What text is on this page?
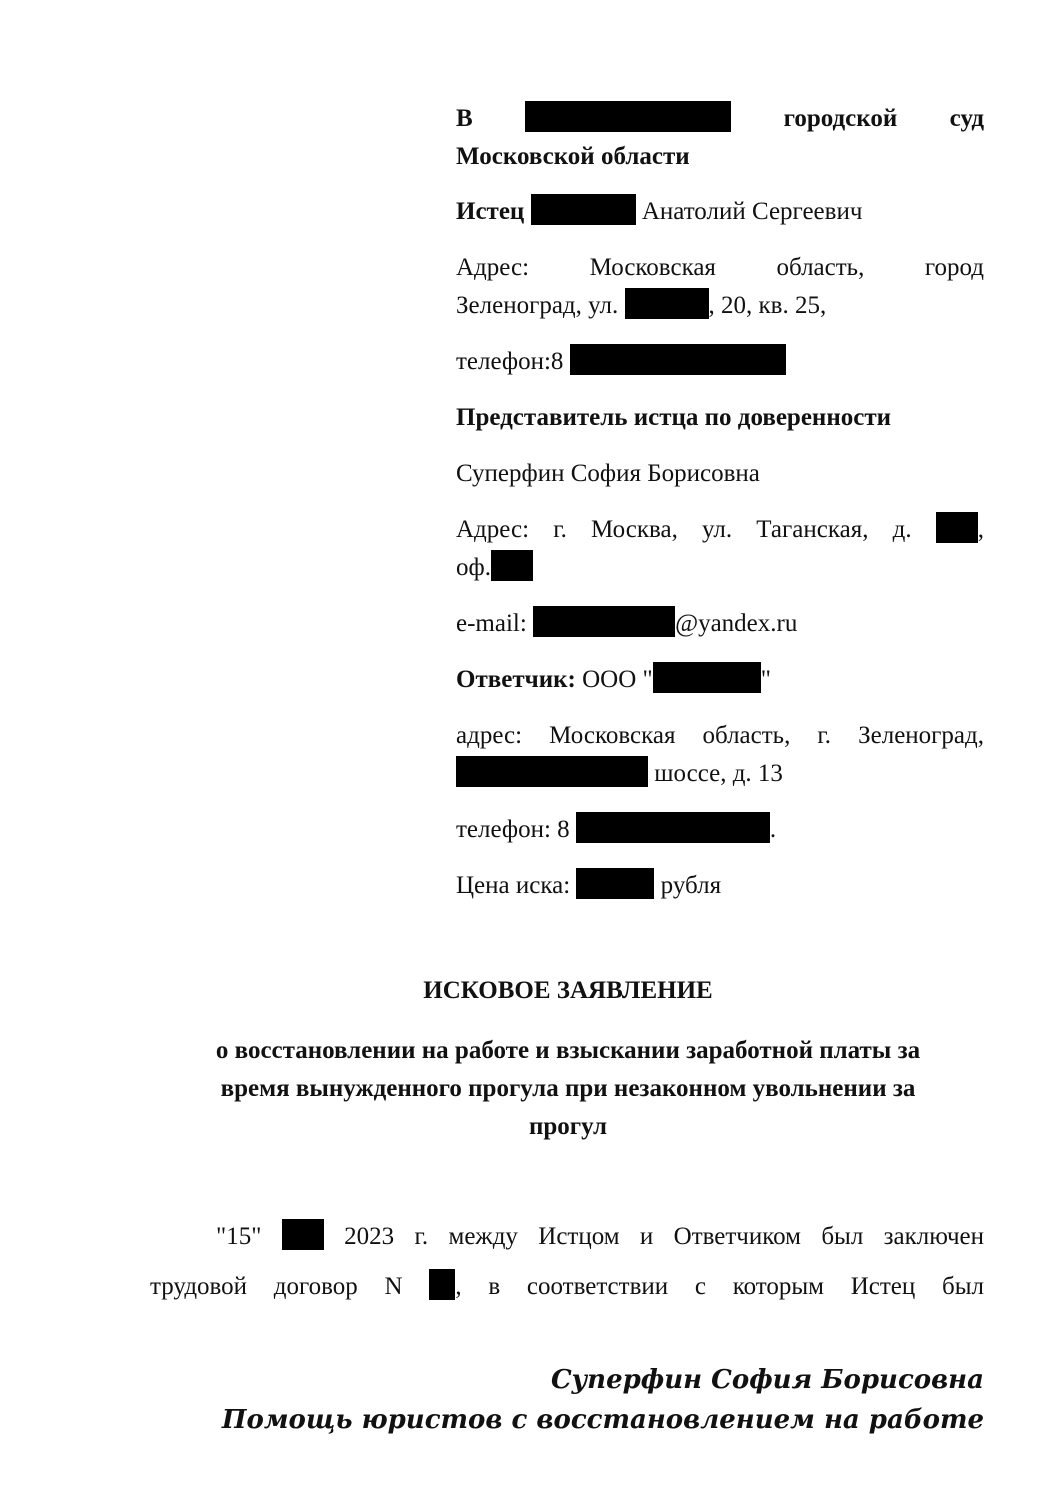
В	городской суд
Московской области

Истец	Анатолий Сергеевич

Адрес: Московская область, город
Зеленоград, ул.	, 20, кв. 25,

телефон:8

Представитель истца по доверенности

Суперфин София Борисовна

Адрес: г. Москва, ул. Таганская, д.	,
оф.

e-mail:	@yandex.ru

Ответчик: ООО "	"

адрес: Московская область, г. Зеленоград,
шоссе, д. 13

телефон: 8	.

Цена иска:	рубля

ИСКОВОЕ ЗАЯВЛЕНИЕ
о восстановлении на работе и взыскании заработной платы за
время вынужденного прогула при незаконном увольнении за
прогул
"15"	2023 г. между Истцом и Ответчиком был заключен
трудовой договор N , в соответствии с которым Истец был
Суперфин София Борисовна
Помощь юристов с восстановлением на работе
